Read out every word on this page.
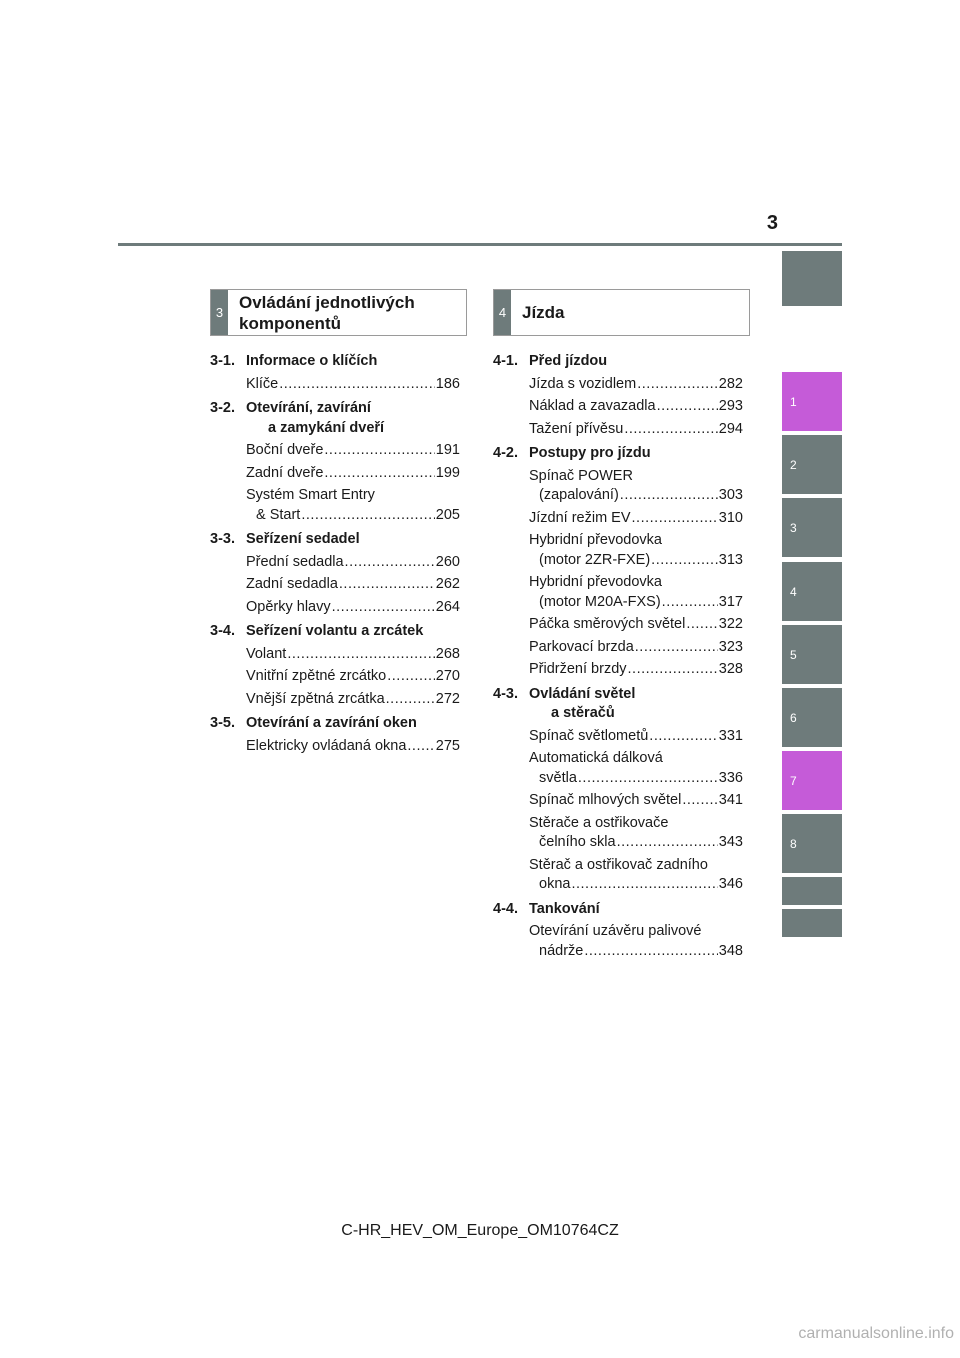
3
1
2
3
4
5
6
7
8
3
Ovládání jednotlivých
komponentů
4 Jízda
3-1. Informace o klíčích
Klíče .....	186
3-2. Otevírání, zavírání
a zamykání dveří
Boční dveře .....	191
Zadní dveře .....	199
Systém Smart Entry
& Start .....	205
3-3. Seřízení sedadel
Přední sedadla .....	260
Zadní sedadla .....	262
Opěrky hlavy .....	264
3-4. Seřízení volantu a zrcátek
Volant .....	268
Vnitřní zpětné zrcátko .....	270
Vnější zpětná zrcátka .....	272
3-5. Otevírání a zavírání oken
Elektricky ovládaná okna ..... 275
4-1. Před jízdou
Jízda s vozidlem .....	282
Náklad a zavazadla .....	293
Tažení přívěsu .....	294
4-2. Postupy pro jízdu
Spínač POWER
(zapalování) .....	303
Jízdní režim EV .....	310
Hybridní převodovka
(motor 2ZR-FXE) .....	313
Hybridní převodovka
(motor M20A-FXS) .....	317
Páčka směrových světel ..... 322
Parkovací brzda .....	323
Přidržení brzdy .....	328
4-3. Ovládání světel
a stěračů
Spínač světlometů .....	331
Automatická dálková
světla .....	336
Spínač mlhových světel .....	341
Stěrače a ostřikovače
čelního skla .....	343
Stěrač a ostřikovač zadního
okna .....	346
4-4. Tankování
Otevírání uzávěru palivové
nádrže .....	348
C-HR_HEV_OM_Europe_OM10764CZ
carmanualsonline.info
